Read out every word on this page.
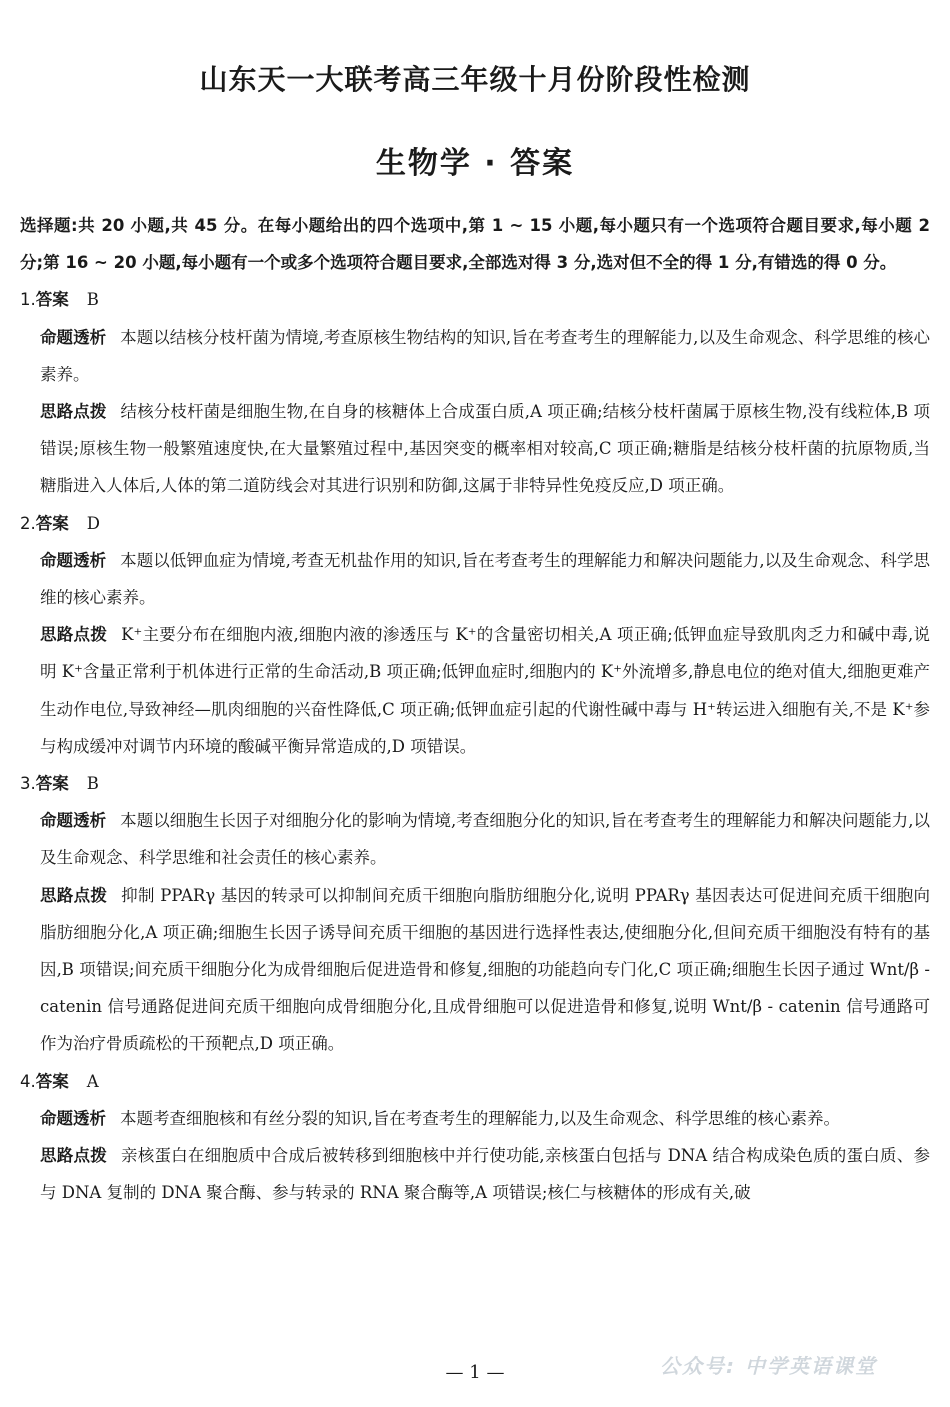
山东天一大联考高三年级十月份阶段性检测
生物学 · 答案
选择题:共 20 小题,共 45 分。在每小题给出的四个选项中,第 1 ~ 15 小题,每小题只有一个选项符合题目要求,每小题 2 分;第 16 ~ 20 小题,每小题有一个或多个选项符合题目要求,全部选对得 3 分,选对但不全的得 1 分,有错选的得 0 分。
1.答案 B
命题透析 本题以结核分枝杆菌为情境,考查原核生物结构的知识,旨在考查考生的理解能力,以及生命观念、科学思维的核心素养。
思路点拨 结核分枝杆菌是细胞生物,在自身的核糖体上合成蛋白质,A 项正确;结核分枝杆菌属于原核生物,没有线粒体,B 项错误;原核生物一般繁殖速度快,在大量繁殖过程中,基因突变的概率相对较高,C 项正确;糖脂是结核分枝杆菌的抗原物质,当糖脂进入人体后,人体的第二道防线会对其进行识别和防御,这属于非特异性免疫反应,D 项正确。
2.答案 D
命题透析 本题以低钾血症为情境,考查无机盐作用的知识,旨在考查考生的理解能力和解决问题能力,以及生命观念、科学思维的核心素养。
思路点拨 K⁺主要分布在细胞内液,细胞内液的渗透压与 K⁺的含量密切相关,A 项正确;低钾血症导致肌肉乏力和碱中毒,说明 K⁺含量正常利于机体进行正常的生命活动,B 项正确;低钾血症时,细胞内的 K⁺外流增多,静息电位的绝对值大,细胞更难产生动作电位,导致神经—肌肉细胞的兴奋性降低,C 项正确;低钾血症引起的代谢性碱中毒与 H⁺转运进入细胞有关,不是 K⁺参与构成缓冲对调节内环境的酸碱平衡异常造成的,D 项错误。
3.答案 B
命题透析 本题以细胞生长因子对细胞分化的影响为情境,考查细胞分化的知识,旨在考查考生的理解能力和解决问题能力,以及生命观念、科学思维和社会责任的核心素养。
思路点拨 抑制 PPARγ 基因的转录可以抑制间充质干细胞向脂肪细胞分化,说明 PPARγ 基因表达可促进间充质干细胞向脂肪细胞分化,A 项正确;细胞生长因子诱导间充质干细胞的基因进行选择性表达,使细胞分化,但间充质干细胞没有特有的基因,B 项错误;间充质干细胞分化为成骨细胞后促进造骨和修复,细胞的功能趋向专门化,C 项正确;细胞生长因子通过 Wnt/β - catenin 信号通路促进间充质干细胞向成骨细胞分化,且成骨细胞可以促进造骨和修复,说明 Wnt/β - catenin 信号通路可作为治疗骨质疏松的干预靶点,D 项正确。
4.答案 A
命题透析 本题考查细胞核和有丝分裂的知识,旨在考查考生的理解能力,以及生命观念、科学思维的核心素养。
思路点拨 亲核蛋白在细胞质中合成后被转移到细胞核中并行使功能,亲核蛋白包括与 DNA 结合构成染色质的蛋白质、参与 DNA 复制的 DNA 聚合酶、参与转录的 RNA 聚合酶等,A 项错误;核仁与核糖体的形成有关,破
公众号: 中学英语课堂
— 1 —
